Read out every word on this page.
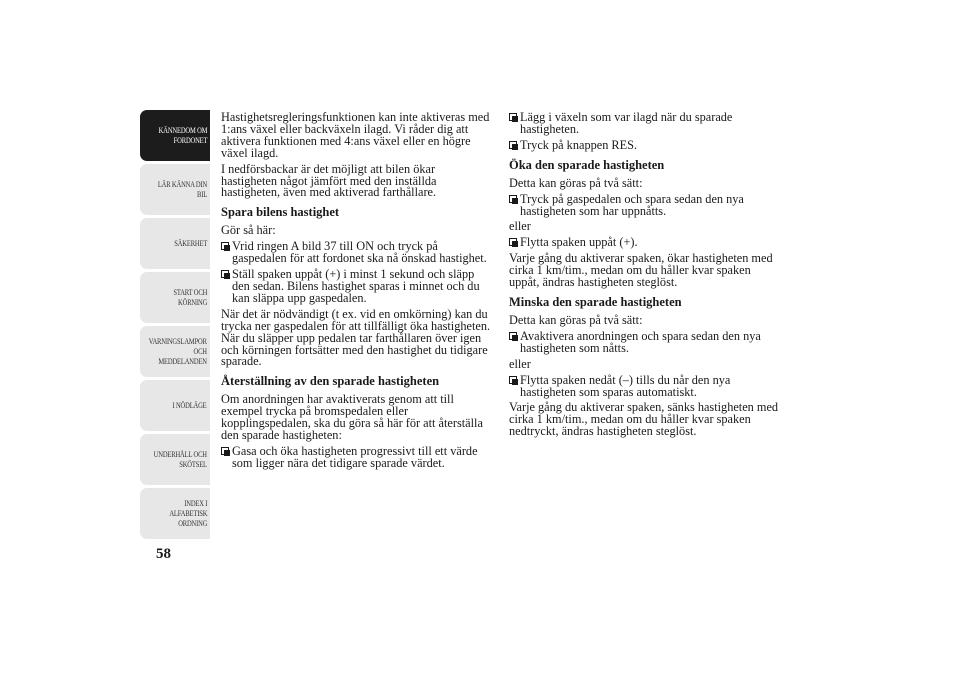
KÄNNEDOM OM
FORDONET
LÄR KÄNNA DIN
BIL
SÄKERHET
START OCH
KÖRNING
VARNINGSLAMPOR
OCH
MEDDELANDEN
I NÖDLÄGE
UNDERHÅLL OCH
SKÖTSEL
INDEX I
ALFABETISK
ORDNING
58

Hastighetsregleringsfunktionen kan inte aktiveras med 1:ans växel eller backväxeln ilagd. Vi råder dig att aktivera funktionen med 4:ans växel eller en högre växel ilagd.

I nedförsbackar är det möjligt att bilen ökar hastigheten något jämfört med den inställda hastigheten, även med aktiverad farthållare.

Spara bilens hastighet

Gör så här:

Vrid ringen A bild 37 till ON och tryck på gaspedalen för att fordonet ska nå önskad hastighet.
Ställ spaken uppåt (+) i minst 1 sekund och släpp den sedan. Bilens hastighet sparas i minnet och du kan släppa upp gaspedalen.

När det är nödvändigt (t ex. vid en omkörning) kan du trycka ner gaspedalen för att tillfälligt öka hastigheten. När du släpper upp pedalen tar farthållaren över igen och körningen fortsätter med den hastighet du tidigare sparade.

Återställning av den sparade hastigheten

Om anordningen har avaktiverats genom att till exempel trycka på bromspedalen eller kopplingspedalen, ska du göra så här för att återställa den sparade hastigheten:

Gasa och öka hastigheten progressivt till ett värde som ligger nära det tidigare sparade värdet.
Lägg i växeln som var ilagd när du sparade hastigheten.
Tryck på knappen RES.
Öka den sparade hastigheten

Detta kan göras på två sätt:

Tryck på gaspedalen och spara sedan den nya hastigheten som har uppnåtts.

eller

Flytta spaken uppåt (+).

Varje gång du aktiverar spaken, ökar hastigheten med cirka 1 km/tim., medan om du håller kvar spaken uppåt, ändras hastigheten steglöst.

Minska den sparade hastigheten

Detta kan göras på två sätt:

Avaktivera anordningen och spara sedan den nya hastigheten som nåtts.

eller

Flytta spaken nedåt (–) tills du når den nya hastigheten som sparas automatiskt.

Varje gång du aktiverar spaken, sänks hastigheten med cirka 1 km/tim., medan om du håller kvar spaken nedtryckt, ändras hastigheten steglöst.
